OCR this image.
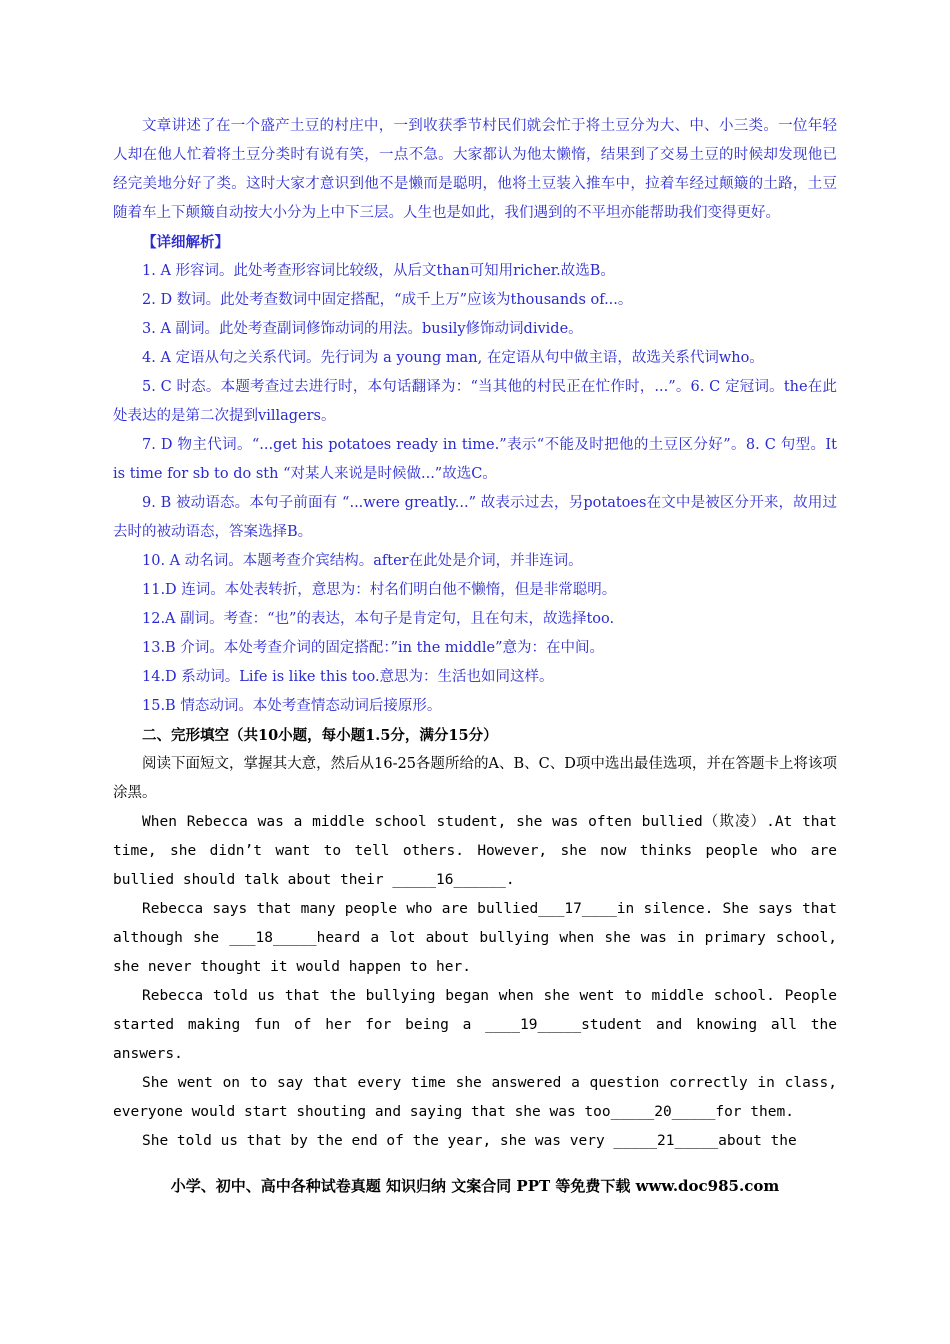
文章讲述了在一个盛产土豆的村庄中，一到收获季节村民们就会忙于将土豆分为大、中、小三类。一位年轻人却在他人忙着将土豆分类时有说有笑，一点不急。大家都认为他太懒惰，结果到了交易土豆的时候却发现他已经完美地分好了类。这时大家才意识到他不是懒而是聪明，他将土豆装入推车中，拉着车经过颠簸的土路，土豆随着车上下颠簸自动按大小分为上中下三层。人生也是如此，我们遇到的不平坦亦能帮助我们变得更好。

【详细解析】

1. A 形容词。此处考查形容词比较级，从后文than可知用richer.故选B。

2. D 数词。此处考查数词中固定搭配，“成千上万”应该为thousands of...。

3. A 副词。此处考查副词修饰动词的用法。busily修饰动词divide。

4. A 定语从句之关系代词。先行词为 a young man, 在定语从句中做主语，故选关系代词who。

5. C 时态。本题考查过去进行时，本句话翻译为：“当其他的村民正在忙作时，...”。6. C 定冠词。the在此处表达的是第二次提到villagers。

7. D 物主代词。“...get his potatoes ready in time.”表示“不能及时把他的土豆区分好”。8. C 句型。It is time for sb to do sth “对某人来说是时候做...”故选C。

9. B 被动语态。本句子前面有 “...were greatly...” 故表示过去，另potatoes在文中是被区分开来，故用过去时的被动语态，答案选择B。

10. A 动名词。本题考查介宾结构。after在此处是介词，并非连词。

11.D 连词。本处表转折，意思为：村名们明白他不懒惰，但是非常聪明。

12.A 副词。考查：“也”的表达，本句子是肯定句，且在句末，故选择too.

13.B 介词。本处考查介词的固定搭配：”in the middle”意为：在中间。

14.D 系动词。Life is like this too.意思为：生活也如同这样。

15.B 情态动词。本处考查情态动词后接原形。

二、完形填空（共10小题，每小题1.5分，满分15分）

阅读下面短文，掌握其大意，然后从16-25各题所给的A、B、C、D项中选出最佳选项，并在答题卡上将该项涂黑。

When Rebecca was a middle school student, she was often bullied（欺凌）.At that time, she didn’t want to tell others. However, she now thinks people who are bullied should talk about their _____16______.

Rebecca says that many people who are bullied___17____in silence. She says that although she ___18_____heard a lot about bullying when she was in primary school, she never thought it would happen to her.

Rebecca told us that the bullying began when she went to middle school. People started making fun of her for being a ____19_____student and knowing all the answers.

She went on to say that every time she answered a question correctly in class, everyone would start shouting and saying that she was too_____20_____for them.

She told us that by the end of the year, she was very _____21_____about the

小学、初中、高中各种试卷真题 知识归纳 文案合同 PPT 等免费下载 www.doc985.com
